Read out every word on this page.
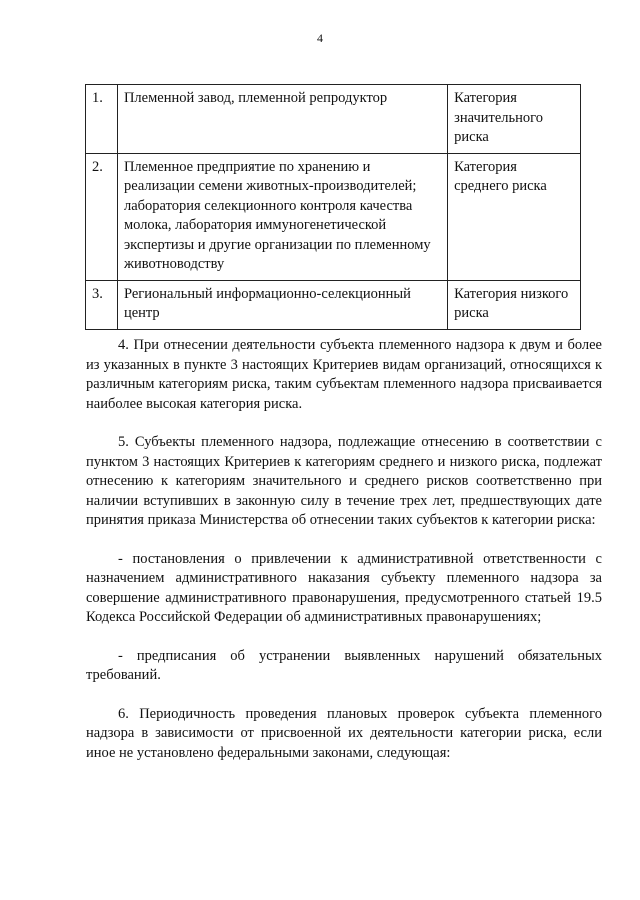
4
1.	Племенной завод, племенной репродуктор	Категория значительного риска
2.	Племенное предприятие по хранению и реализации семени животных-производителей; лаборатория селекционного контроля качества молока, лаборатория иммуногенетической экспертизы и другие организации по племенному животноводству	Категория среднего риска
3.	Региональный информационно-селекционный центр	Категория низкого риска

4. При отнесении деятельности субъекта племенного надзора к двум и более из указанных в пункте 3 настоящих Критериев видам организаций, относящихся к различным категориям риска, таким субъектам племенного надзора присваивается наиболее высокая категория риска.

5. Субъекты племенного надзора, подлежащие отнесению в соответствии с пунктом 3 настоящих Критериев к категориям среднего и низкого риска, подлежат отнесению к категориям значительного и среднего рисков соответственно при наличии вступивших в законную силу в течение трех лет, предшествующих дате принятия приказа Министерства об отнесении таких субъектов к категории риска:

- постановления о привлечении к административной ответственности с назначением административного наказания субъекту племенного надзора за совершение административного правонарушения, предусмотренного статьей 19.5 Кодекса Российской Федерации об административных правонарушениях;

- предписания об устранении выявленных нарушений обязательных требований.

6. Периодичность проведения плановых проверок субъекта племенного надзора в зависимости от присвоенной их деятельности категории риска, если иное не установлено федеральными законами, следующая:
